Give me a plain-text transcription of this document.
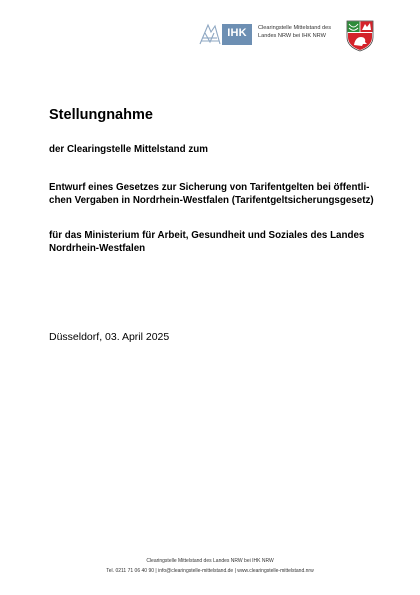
IHK	Clearingstelle Mittelstand des
Landes NRW bei IHK NRW
Stellungnahme
der Clearingstelle Mittelstand zum

Entwurf eines Gesetzes zur Sicherung von Tarifentgelten bei öffentli-

chen Vergaben in Nordrhein-Westfalen (Tarifentgeltsicherungsgesetz)

für das Ministerium für Arbeit, Gesundheit und Soziales des Landes

Nordrhein-Westfalen

Düsseldorf, 03. April 2025
Clearingstelle Mittelstand des Landes NRW bei IHK NRW
Tel. 0211 71 06 40 90 | info@clearingstelle-mittelstand.de | www.clearingstelle-mittelstand.nrw
